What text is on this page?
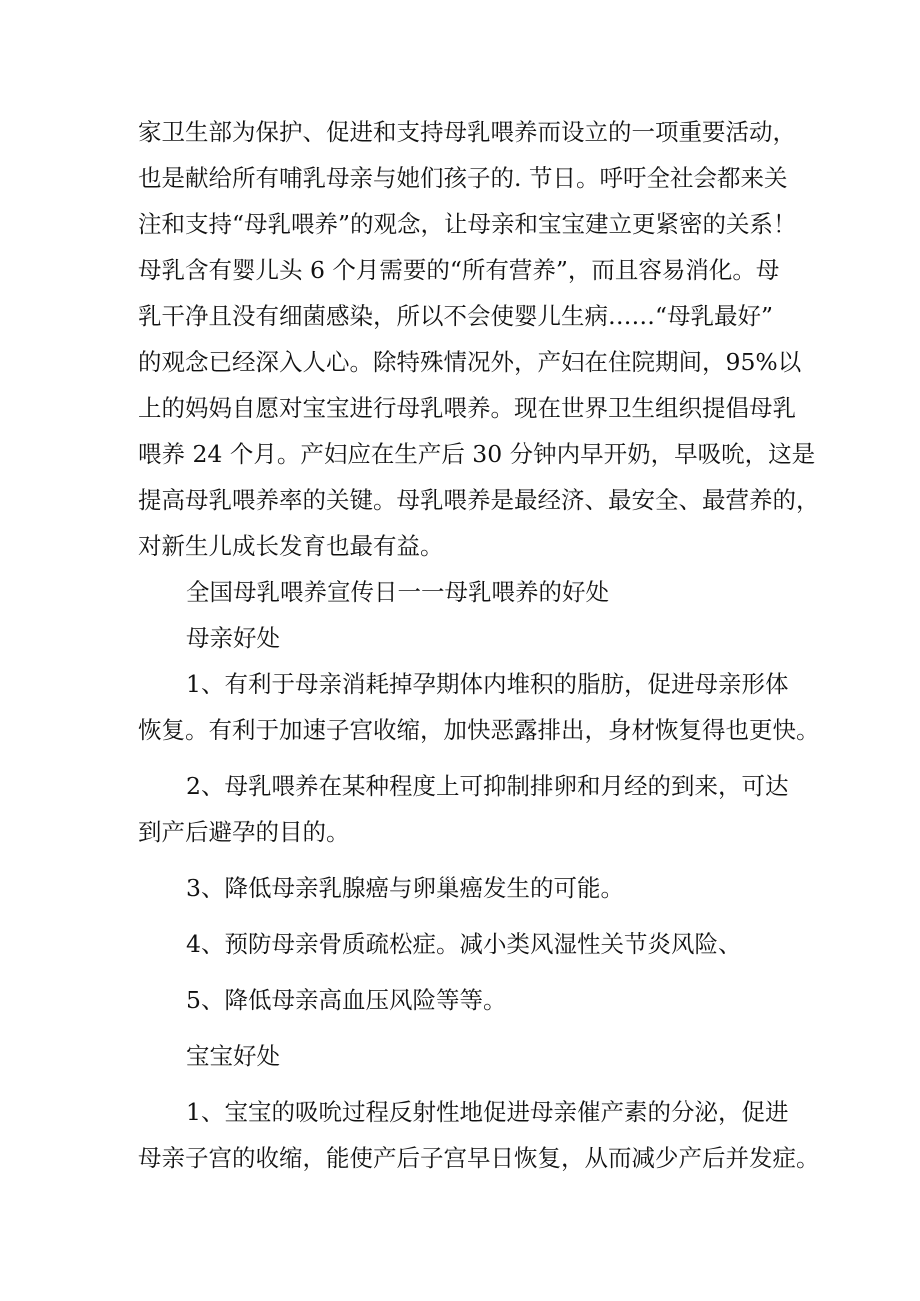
家卫生部为保护、促进和支持母乳喂养而设立的一项重要活动，
也是献给所有哺乳母亲与她们孩子的. 节日。呼吁全社会都来关
注和支持“母乳喂养”的观念，让母亲和宝宝建立更紧密的关系！
母乳含有婴儿头 6 个月需要的“所有营养”，而且容易消化。母
乳干净且没有细菌感染，所以不会使婴儿生病……“母乳最好”
的观念已经深入人心。除特殊情况外，产妇在住院期间，95%以
上的妈妈自愿对宝宝进行母乳喂养。现在世界卫生组织提倡母乳
喂养 24 个月。产妇应在生产后 30 分钟内早开奶，早吸吮，这是
提高母乳喂养率的关键。母乳喂养是最经济、最安全、最营养的，
对新生儿成长发育也最有益。
全国母乳喂养宣传日一一母乳喂养的好处
母亲好处
1、有利于母亲消耗掉孕期体内堆积的脂肪，促进母亲形体
恢复。有利于加速子宫收缩，加快恶露排出，身材恢复得也更快。
2、母乳喂养在某种程度上可抑制排卵和月经的到来，可达
到产后避孕的目的。
3、降低母亲乳腺癌与卵巢癌发生的可能。
4、预防母亲骨质疏松症。减小类风湿性关节炎风险、
5、降低母亲高血压风险等等。
宝宝好处
1、宝宝的吸吮过程反射性地促进母亲催产素的分泌，促进
母亲子宫的收缩，能使产后子宫早日恢复，从而减少产后并发症。
